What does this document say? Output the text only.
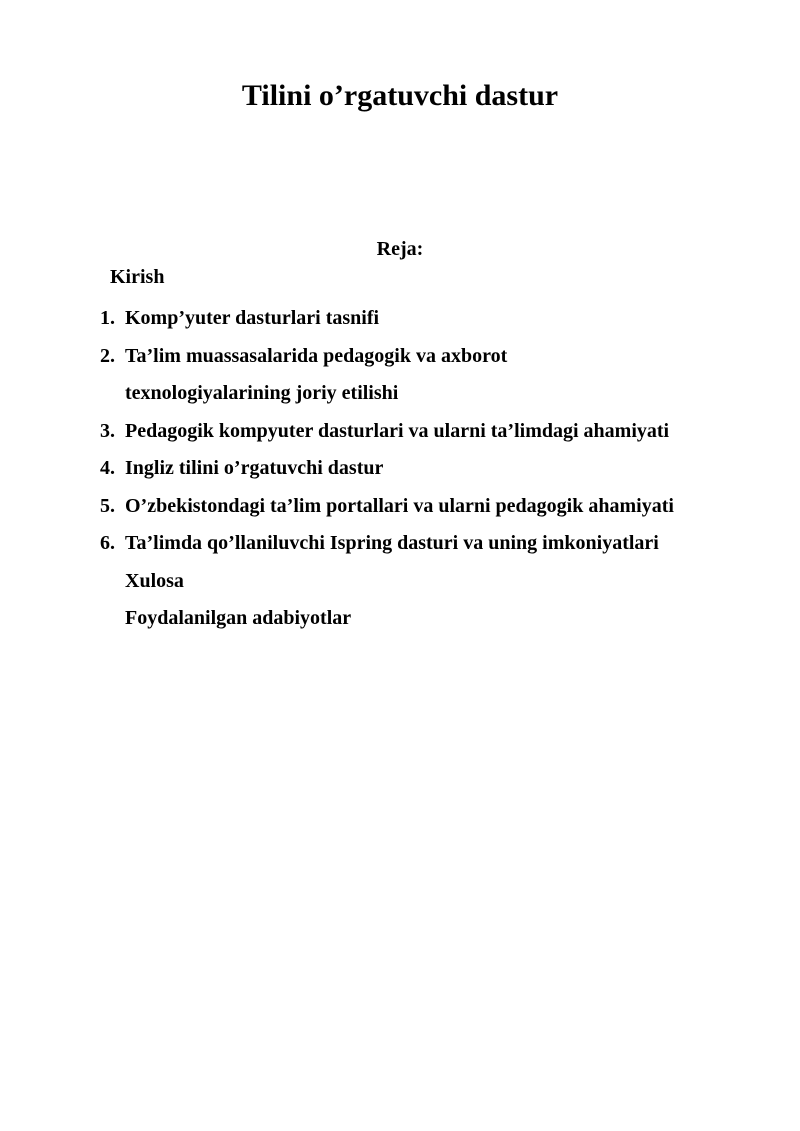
Tilini o’rgatuvchi dastur
Reja:
Kirish
1. Komp’yuter dasturlari tasnifi
2. Ta’lim muassasalarida pedagogik va axborot
texnologiyalarining joriy etilishi
3. Pedagogik kompyuter dasturlari va ularni ta’limdagi ahamiyati
4. Ingliz tilini o’rgatuvchi dastur
5. O’zbekistondagi ta’lim portallari va ularni pedagogik ahamiyati
6. Ta’limda qo’llaniluvchi Ispring dasturi va uning imkoniyatlari
Xulosa
Foydalanilgan adabiyotlar
